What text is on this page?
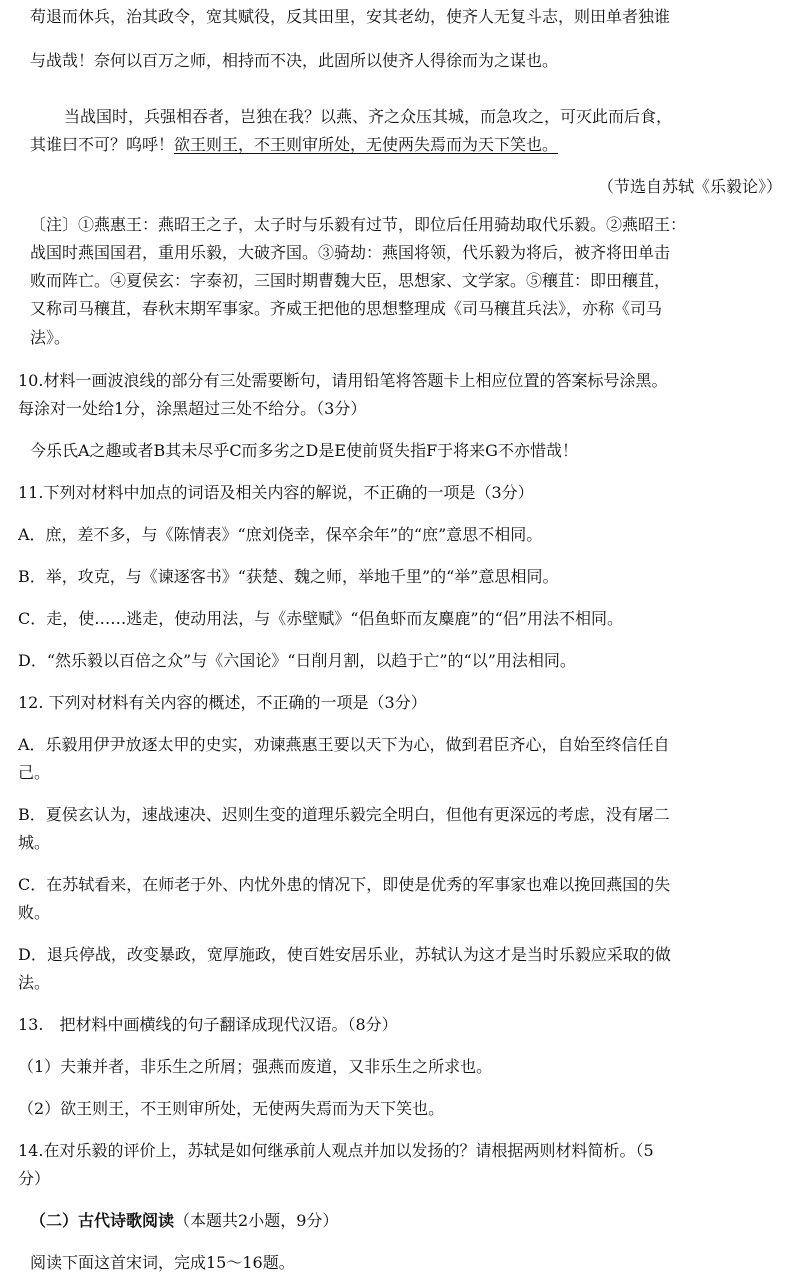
苟退而休兵，治其政令，宽其赋役，反其田里，安其老幼，使齐人无复斗志，则田单者独谁

与战哉！奈何以百万之师，相持而不决，此固所以使齐人得徐而为之谋也。

当战国时，兵强相吞者，岂独在我？以燕、齐之众压其城，而急攻之，可灭此而后食，

其谁曰不可？呜呼！欲王则王，不王则审所处，无使两失焉而为天下笑也。

（节选自苏轼《乐毅论》）

〔注〕①燕惠王：燕昭王之子，太子时与乐毅有过节，即位后任用骑劫取代乐毅。②燕昭王：

战国时燕国国君，重用乐毅，大破齐国。③骑劫：燕国将领，代乐毅为将后，被齐将田单击

败而阵亡。④夏侯玄：字泰初，三国时期曹魏大臣，思想家、文学家。⑤穰苴：即田穰苴，

又称司马穰苴，春秋末期军事家。齐威王把他的思想整理成《司马穰苴兵法》，亦称《司马

法》。

10.材料一画波浪线的部分有三处需要断句，请用铅笔将答题卡上相应位置的答案标号涂黑。

每涂对一处给1分，涂黑超过三处不给分。（3分）

今乐氏A之趣或者B其未尽乎C而多劣之D是E使前贤失指F于将来G不亦惜哉！

11.下列对材料中加点的词语及相关内容的解说，不正确的一项是（3分）

A．庶，差不多，与《陈情表》“庶刘侥幸，保卒余年”的“庶”意思不相同。

B．举，攻克，与《谏逐客书》“获楚、魏之师，举地千里”的“举”意思相同。

C．走，使……逃走，使动用法，与《赤壁赋》“侣鱼虾而友麋鹿”的“侣”用法不相同。

D．“然乐毅以百倍之众”与《六国论》“日削月割，以趋于亡”的“以”用法相同。

12. 下列对材料有关内容的概述，不正确的一项是（3分）

A．乐毅用伊尹放逐太甲的史实，劝谏燕惠王要以天下为心，做到君臣齐心，自始至终信任自

己。

B．夏侯玄认为，速战速决、迟则生变的道理乐毅完全明白，但他有更深远的考虑，没有屠二

城。

C．在苏轼看来，在师老于外、内忧外患的情况下，即使是优秀的军事家也难以挽回燕国的失

败。

D．退兵停战，改变暴政，宽厚施政，使百姓安居乐业，苏轼认为这才是当时乐毅应采取的做

法。

13.　把材料中画横线的句子翻译成现代汉语。（8分）

（1）夫兼并者，非乐生之所屑；强燕而废道，又非乐生之所求也。

（2）欲王则王，不王则审所处，无使两失焉而为天下笑也。

14.在对乐毅的评价上，苏轼是如何继承前人观点并加以发扬的？请根据两则材料简析。（5

分）

（二）古代诗歌阅读（本题共2小题，9分）

阅读下面这首宋词，完成15～16题。
